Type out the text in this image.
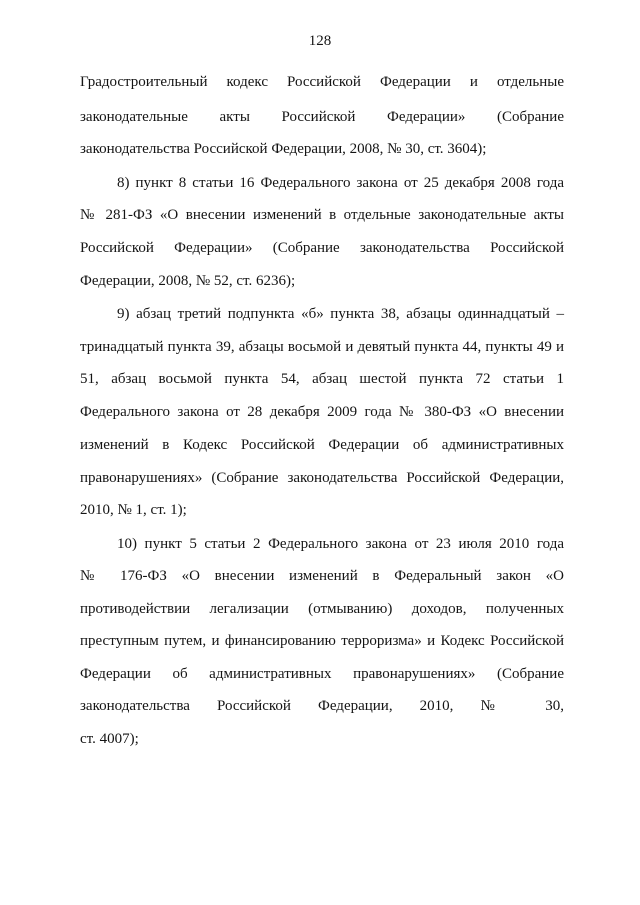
128
Градостроительный кодекс Российской Федерации и отдельные
законодательные акты Российской Федерации» (Собрание
законодательства Российской Федерации, 2008, № 30, ст. 3604);
8) пункт 8 статьи 16 Федерального закона от 25 декабря 2008 года
№ 281-ФЗ «О внесении изменений в отдельные законодательные акты
Российской Федерации» (Собрание законодательства Российской
Федерации, 2008, № 52, ст. 6236);
9) абзац третий подпункта «б» пункта 38, абзацы одиннадцатый –
тринадцатый пункта 39, абзацы восьмой и девятый пункта 44, пункты 49 и
51, абзац восьмой пункта 54, абзац шестой пункта 72 статьи 1
Федерального закона от 28 декабря 2009 года № 380-ФЗ «О внесении
изменений в Кодекс Российской Федерации об административных
правонарушениях» (Собрание законодательства Российской Федерации,
2010, № 1, ст. 1);
10) пункт 5 статьи 2 Федерального закона от 23 июля 2010 года
№ 176-ФЗ «О внесении изменений в Федеральный закон «О
противодействии легализации (отмыванию) доходов, полученных
преступным путем, и финансированию терроризма» и Кодекс Российской
Федерации об административных правонарушениях» (Собрание
законодательства Российской Федерации, 2010, № 30,
ст. 4007);
